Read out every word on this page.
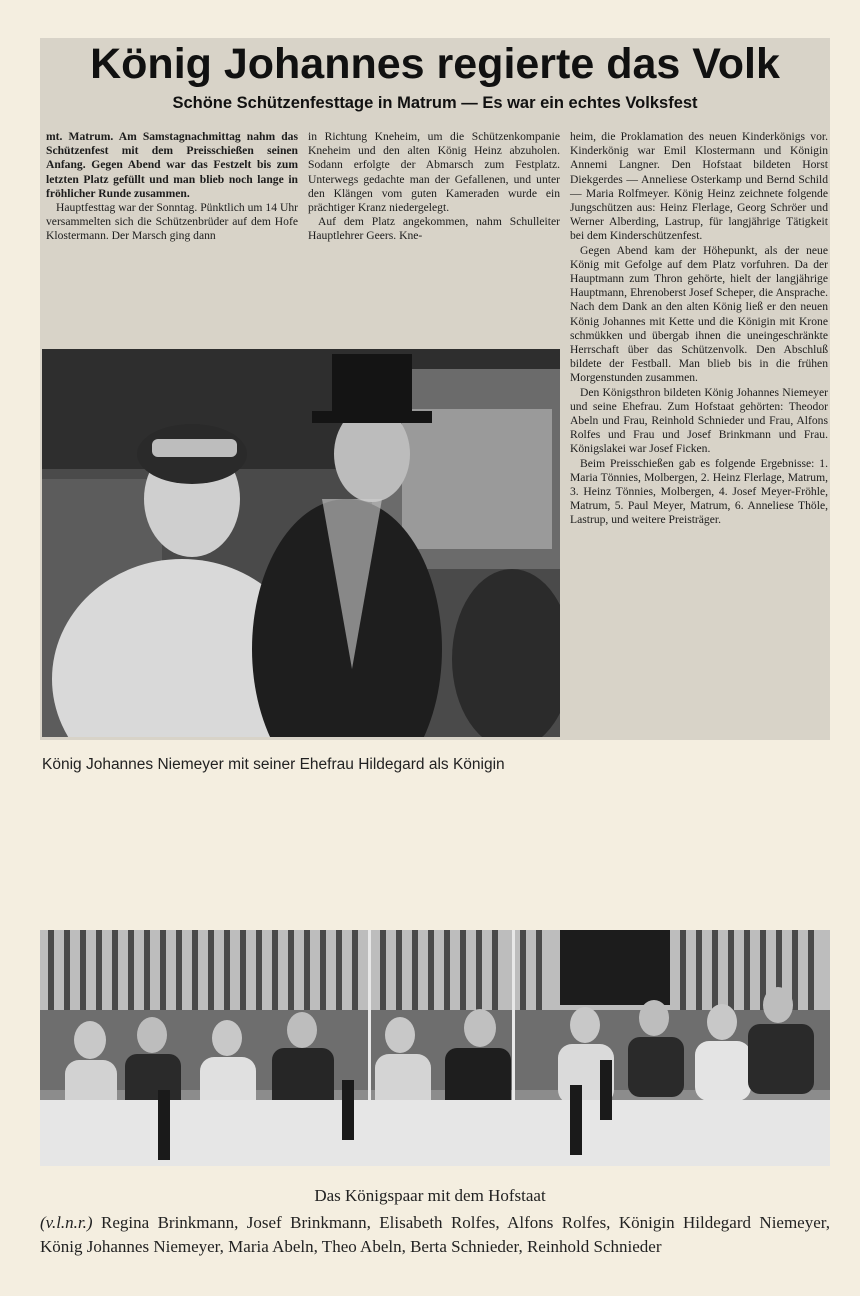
König Johannes regierte das Volk
Schöne Schützenfesttage in Matrum — Es war ein echtes Volksfest

mt. Matrum. Am Samstagnachmittag nahm das Schützenfest mit dem Preisschießen seinen Anfang. Gegen Abend war das Festzelt bis zum letzten Platz gefüllt und man blieb noch lange in fröhlicher Runde zusammen.

Hauptfesttag war der Sonntag. Pünktlich um 14 Uhr versammelten sich die Schützenbrüder auf dem Hofe Klostermann. Der Marsch ging dann

in Richtung Kneheim, um die Schützenkompanie Kneheim und den alten König Heinz abzuholen. Sodann erfolgte der Abmarsch zum Festplatz. Unterwegs gedachte man der Gefallenen, und unter den Klängen vom guten Kameraden wurde ein prächtiger Kranz niedergelegt.

Auf dem Platz angekommen, nahm Schulleiter Hauptlehrer Geers. Kne-

heim, die Proklamation des neuen Kinderkönigs vor. Kinderkönig war Emil Klostermann und Königin Annemi Langner. Den Hofstaat bildeten Horst Diekgerdes — Anneliese Osterkamp und Bernd Schild — Maria Rolfmeyer. König Heinz zeichnete folgende Jungschützen aus: Heinz Flerlage, Georg Schröer und Werner Alberding, Lastrup, für langjährige Tätigkeit bei dem Kinderschützenfest.

Gegen Abend kam der Höhepunkt, als der neue König mit Gefolge auf dem Platz vorfuhren. Da der Hauptmann zum Thron gehörte, hielt der langjährige Hauptmann, Ehrenoberst Josef Scheper, die Ansprache. Nach dem Dank an den alten König ließ er den neuen König Johannes mit Kette und die Königin mit Krone schmükken und übergab ihnen die uneingeschränkte Herrschaft über das Schützenvolk. Den Abschluß bildete der Festball. Man blieb bis in die frühen Morgenstunden zusammen.

Den Königsthron bildeten König Johannes Niemeyer und seine Ehefrau. Zum Hofstaat gehörten: Theodor Abeln und Frau, Reinhold Schnieder und Frau, Alfons Rolfes und Frau und Josef Brinkmann und Frau. Königslakei war Josef Ficken.

Beim Preisschießen gab es folgende Ergebnisse: 1. Maria Tönnies, Molbergen, 2. Heinz Flerlage, Matrum, 3. Heinz Tönnies, Molbergen, 4. Josef Meyer-Fröhle, Matrum, 5. Paul Meyer, Matrum, 6. Anneliese Thöle, Lastrup, und weitere Preisträger.

König Johannes Niemeyer mit seiner Ehefrau Hildegard als Königin
Das Königspaar mit dem Hofstaat
(v.l.n.r.) Regina Brinkmann, Josef Brinkmann, Elisabeth Rolfes, Alfons Rolfes, Königin Hildegard Niemeyer, König Johannes Niemeyer, Maria Abeln, Theo Abeln, Berta Schnieder, Reinhold Schnieder
